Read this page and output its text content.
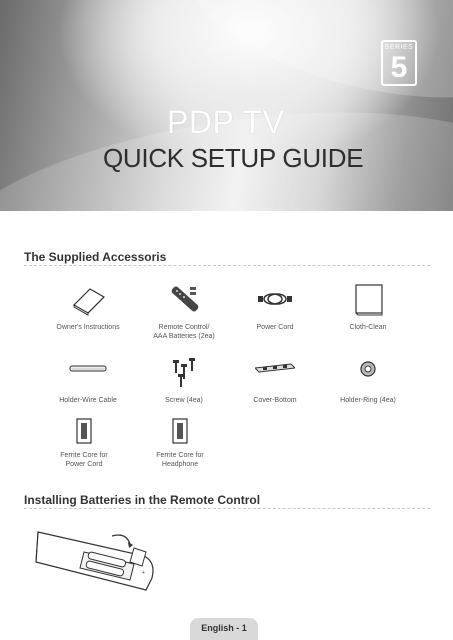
SERIES
5
PDP TV
QUICK SETUP GUIDE
The Supplied Accessoris
Owner's Instructions	Remote Control/
AAA Batteries (2ea)
Power Cord	Cloth-Clean
Holder-Wire Cable	Screw (4ea)	Cover-Bottom	Holder-Ring (4ea)
Ferrite Core for
Power Cord
Ferrite Core for
Headphone
Installing Batteries in the Remote Control
+
English - 1
